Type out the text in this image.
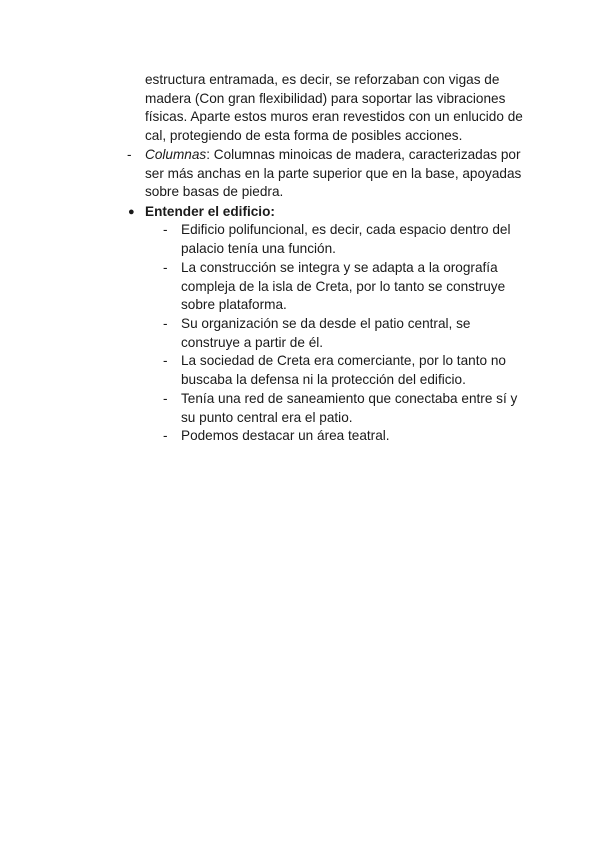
estructura entramada, es decir, se reforzaban con vigas de madera (Con gran flexibilidad) para soportar las vibraciones físicas. Aparte estos muros eran revestidos con un enlucido de cal, protegiendo de esta forma de posibles acciones.

- Columnas: Columnas minoicas de madera, caracterizadas por ser más anchas en la parte superior que en la base, apoyadas sobre basas de piedra.

● Entender el edificio:
- Edificio polifuncional, es decir, cada espacio dentro del palacio tenía una función.

- La construcción se integra y se adapta a la orografía compleja de la isla de Creta, por lo tanto se construye sobre plataforma.

- Su organización se da desde el patio central, se construye a partir de él.

- La sociedad de Creta era comerciante, por lo tanto no buscaba la defensa ni la protección del edificio.

- Tenía una red de saneamiento que conectaba entre sí y su punto central era el patio.

- Podemos destacar un área teatral.
